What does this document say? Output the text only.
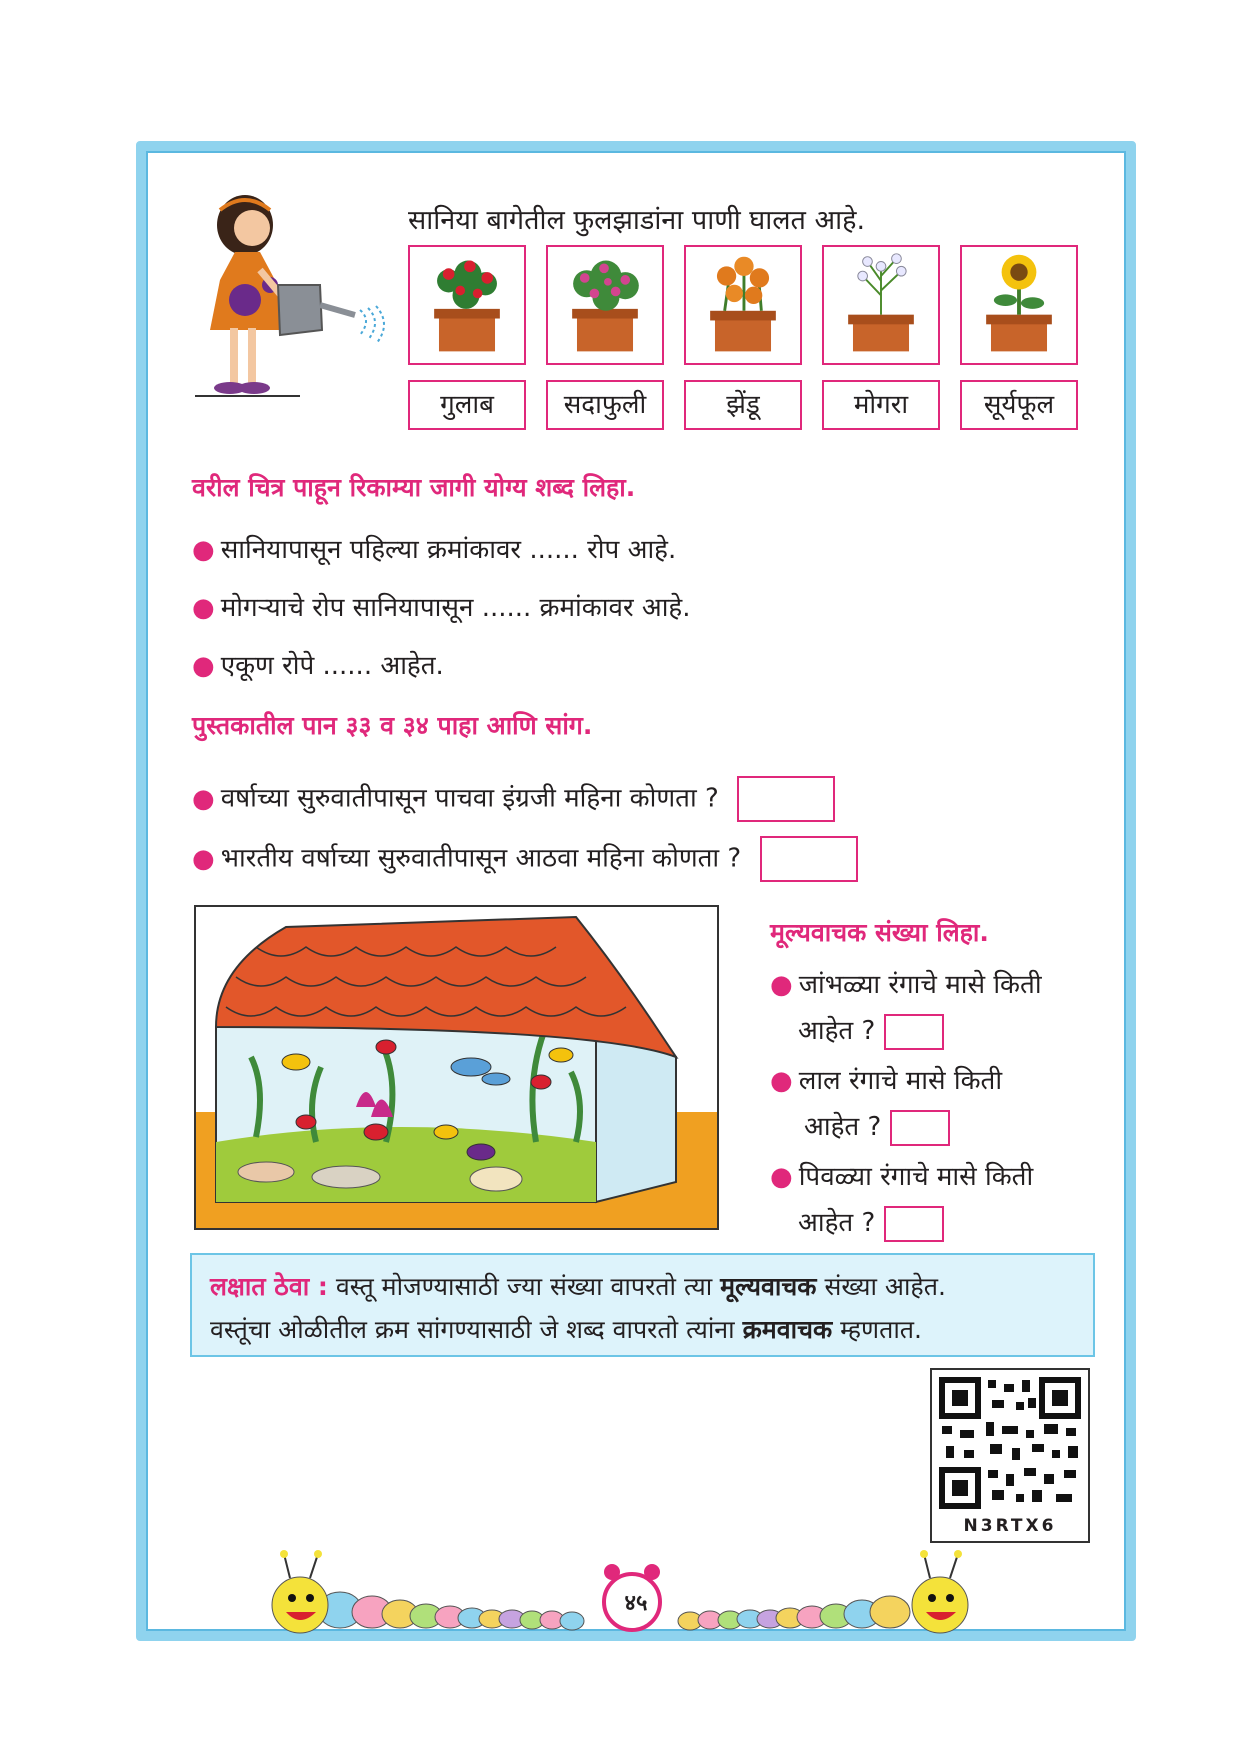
सानिया बागेतील फुलझाडांना पाणी घालत आहे.
गुलाब	सदाफुली	झेंडू	मोगरा	सूर्यफूल
वरील चित्र पाहून रिकाम्या जागी योग्य शब्द लिहा.
● सानियापासून पहिल्या क्रमांकावर ...... रोप आहे.
● मोगऱ्याचे रोप सानियापासून ...... क्रमांकावर आहे.
● एकूण रोपे ...... आहेत.
पुस्तकातील पान ३३ व ३४ पाहा आणि सांग.
● वर्षाच्या सुरुवातीपासून पाचवा इंग्रजी महिना कोणता ?
● भारतीय वर्षाच्या सुरुवातीपासून आठवा महिना कोणता ?
मूल्यवाचक संख्या लिहा.
● जांभळ्या रंगाचे मासे किती
आहेत ?
● लाल रंगाचे मासे किती
आहेत ?
● पिवळ्या रंगाचे मासे किती
आहेत ?
लक्षात ठेवा : वस्तू मोजण्यासाठी ज्या संख्या वापरतो त्या मूल्यवाचक संख्या आहेत.
वस्तूंचा ओळीतील क्रम सांगण्यासाठी जे शब्द वापरतो त्यांना क्रमवाचक म्हणतात.
N3RTX6
४५
